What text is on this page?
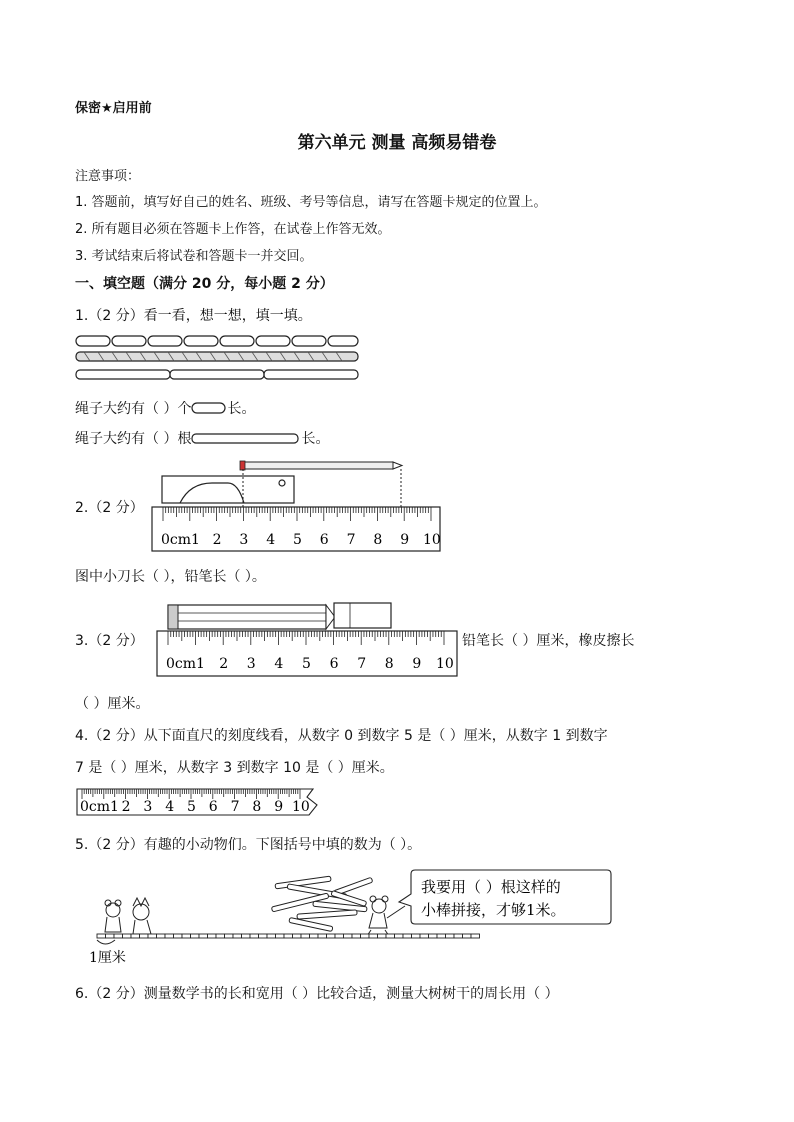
保密★启用前
第六单元 测量 高频易错卷
注意事项：
1. 答题前，填写好自己的姓名、班级、考号等信息，请写在答题卡规定的位置上。
2. 所有题目必须在答题卡上作答，在试卷上作答无效。
3. 考试结束后将试卷和答题卡一并交回。
一、填空题（满分 20 分，每小题 2 分）
1.（2 分）看一看，想一想，填一填。
绳子大约有（ ）个	长。
绳子大约有（ ）根	长。
2.（2 分）
0cm1 2 3 4 5 6 7 8 9 10
图中小刀长（ ），铅笔长（ ）。
3.（2 分）
0cm1 2 3 4 5 6 7 8 9 10
铅笔长（ ）厘米，橡皮擦长
（ ）厘米。
4.（2 分）从下面直尺的刻度线看，从数字 0 到数字 5 是（ ）厘米，从数字 1 到数字
7 是（ ）厘米，从数字 3 到数字 10 是（ ）厘米。
0cm1 2 3 4 5 6 7 8 9 10
5.（2 分）有趣的小动物们。下图括号中填的数为（ ）。
我要用（ ）根这样的
小棒拼接，才够1米。
1厘米
6.（2 分）测量数学书的长和宽用（ ）比较合适，测量大树树干的周长用（ ）
